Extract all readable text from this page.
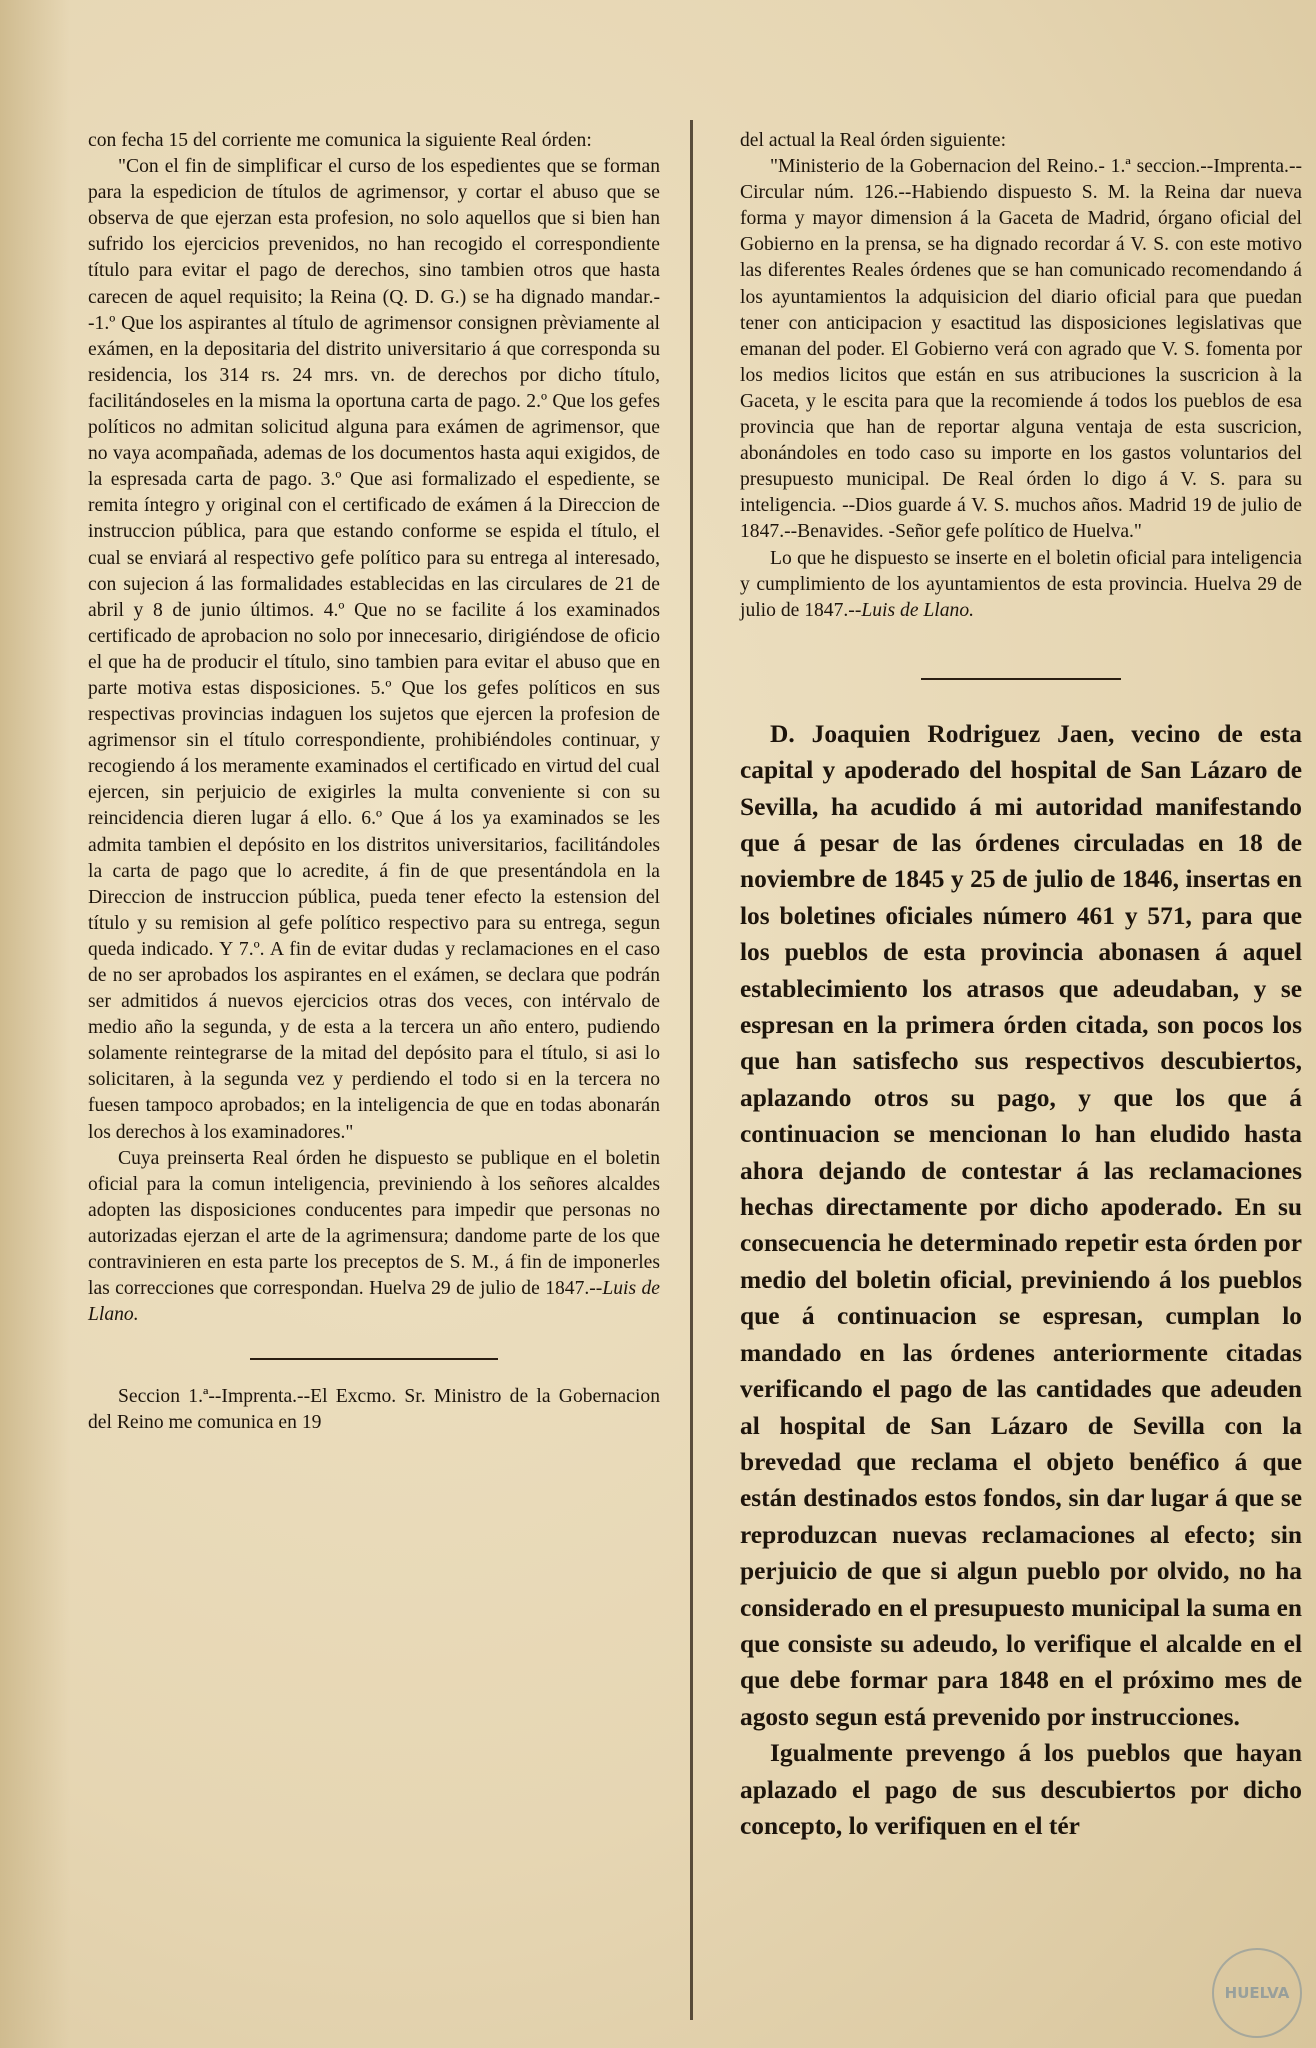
con fecha 15 del corriente me comunica la siguiente Real órden:

"Con el fin de simplificar el curso de los espedientes que se forman para la espedicion de títulos de agrimensor, y cortar el abuso que se observa de que ejerzan esta profesion, no solo aquellos que si bien han sufrido los ejercicios prevenidos, no han recogido el correspondiente título para evitar el pago de derechos, sino tambien otros que hasta carecen de aquel requisito; la Reina (Q. D. G.) se ha dignado mandar.--1.º Que los aspirantes al título de agrimensor consignen prèviamente al exámen, en la depositaria del distrito universitario á que corresponda su residencia, los 314 rs. 24 mrs. vn. de derechos por dicho título, facilitándoseles en la misma la oportuna carta de pago. 2.º Que los gefes políticos no admitan solicitud alguna para exámen de agrimensor, que no vaya acompañada, ademas de los documentos hasta aqui exigidos, de la espresada carta de pago. 3.º Que asi formalizado el espediente, se remita íntegro y original con el certificado de exámen á la Direccion de instruccion pública, para que estando conforme se espida el título, el cual se enviará al respectivo gefe político para su entrega al interesado, con sujecion á las formalidades establecidas en las circulares de 21 de abril y 8 de junio últimos. 4.º Que no se facilite á los examinados certificado de aprobacion no solo por innecesario, dirigiéndose de oficio el que ha de producir el título, sino tambien para evitar el abuso que en parte motiva estas disposiciones. 5.º Que los gefes políticos en sus respectivas provincias indaguen los sujetos que ejercen la profesion de agrimensor sin el título correspondiente, prohibiéndoles continuar, y recogiendo á los meramente examinados el certificado en virtud del cual ejercen, sin perjuicio de exigirles la multa conveniente si con su reincidencia dieren lugar á ello. 6.º Que á los ya examinados se les admita tambien el depósito en los distritos universitarios, facilitándoles la carta de pago que lo acredite, á fin de que presentándola en la Direccion de instruccion pública, pueda tener efecto la estension del título y su remision al gefe político respectivo para su entrega, segun queda indicado. Y 7.º. A fin de evitar dudas y reclamaciones en el caso de no ser aprobados los aspirantes en el exámen, se declara que podrán ser admitidos á nuevos ejercicios otras dos veces, con intérvalo de medio año la segunda, y de esta a la tercera un año entero, pudiendo solamente reintegrarse de la mitad del depósito para el título, si asi lo solicitaren, à la segunda vez y perdiendo el todo si en la tercera no fuesen tampoco aprobados; en la inteligencia de que en todas abonarán los derechos à los examinadores."

Cuya preinserta Real órden he dispuesto se publique en el boletin oficial para la comun inteligencia, previniendo à los señores alcaldes adopten las disposiciones conducentes para impedir que personas no autorizadas ejerzan el arte de la agrimensura; dandome parte de los que contravinieren en esta parte los preceptos de S. M., á fin de imponerles las correcciones que correspondan. Huelva 29 de julio de 1847.--Luis de Llano.

Seccion 1.ª--Imprenta.--El Excmo. Sr. Ministro de la Gobernacion del Reino me comunica en 19

del actual la Real órden siguiente:

"Ministerio de la Gobernacion del Reino.- 1.ª seccion.--Imprenta.--Circular núm. 126.--Habiendo dispuesto S. M. la Reina dar nueva forma y mayor dimension á la Gaceta de Madrid, órgano oficial del Gobierno en la prensa, se ha dignado recordar á V. S. con este motivo las diferentes Reales órdenes que se han comunicado recomendando á los ayuntamientos la adquisicion del diario oficial para que puedan tener con anticipacion y esactitud las disposiciones legislativas que emanan del poder. El Gobierno verá con agrado que V. S. fomenta por los medios licitos que están en sus atribuciones la suscricion à la Gaceta, y le escita para que la recomiende á todos los pueblos de esa provincia que han de reportar alguna ventaja de esta suscricion, abonándoles en todo caso su importe en los gastos voluntarios del presupuesto municipal. De Real órden lo digo á V. S. para su inteligencia. --Dios guarde á V. S. muchos años. Madrid 19 de julio de 1847.--Benavides. -Señor gefe político de Huelva."

Lo que he dispuesto se inserte en el boletin oficial para inteligencia y cumplimiento de los ayuntamientos de esta provincia. Huelva 29 de julio de 1847.--Luis de Llano.

D. Joaquien Rodriguez Jaen, vecino de esta capital y apoderado del hospital de San Lázaro de Sevilla, ha acudido á mi autoridad manifestando que á pesar de las órdenes circuladas en 18 de noviembre de 1845 y 25 de julio de 1846, insertas en los boletines oficiales número 461 y 571, para que los pueblos de esta provincia abonasen á aquel establecimiento los atrasos que adeudaban, y se espresan en la primera órden citada, son pocos los que han satisfecho sus respectivos descubiertos, aplazando otros su pago, y que los que á continuacion se mencionan lo han eludido hasta ahora dejando de contestar á las reclamaciones hechas directamente por dicho apoderado. En su consecuencia he determinado repetir esta órden por medio del boletin oficial, previniendo á los pueblos que á continuacion se espresan, cumplan lo mandado en las órdenes anteriormente citadas verificando el pago de las cantidades que adeuden al hospital de San Lázaro de Sevilla con la brevedad que reclama el objeto benéfico á que están destinados estos fondos, sin dar lugar á que se reproduzcan nuevas reclamaciones al efecto; sin perjuicio de que si algun pueblo por olvido, no ha considerado en el presupuesto municipal la suma en que consiste su adeudo, lo verifique el alcalde en el que debe formar para 1848 en el próximo mes de agosto segun está prevenido por instrucciones.

Igualmente prevengo á los pueblos que hayan aplazado el pago de sus descubiertos por dicho concepto, lo verifiquen en el tér

HUELVA
